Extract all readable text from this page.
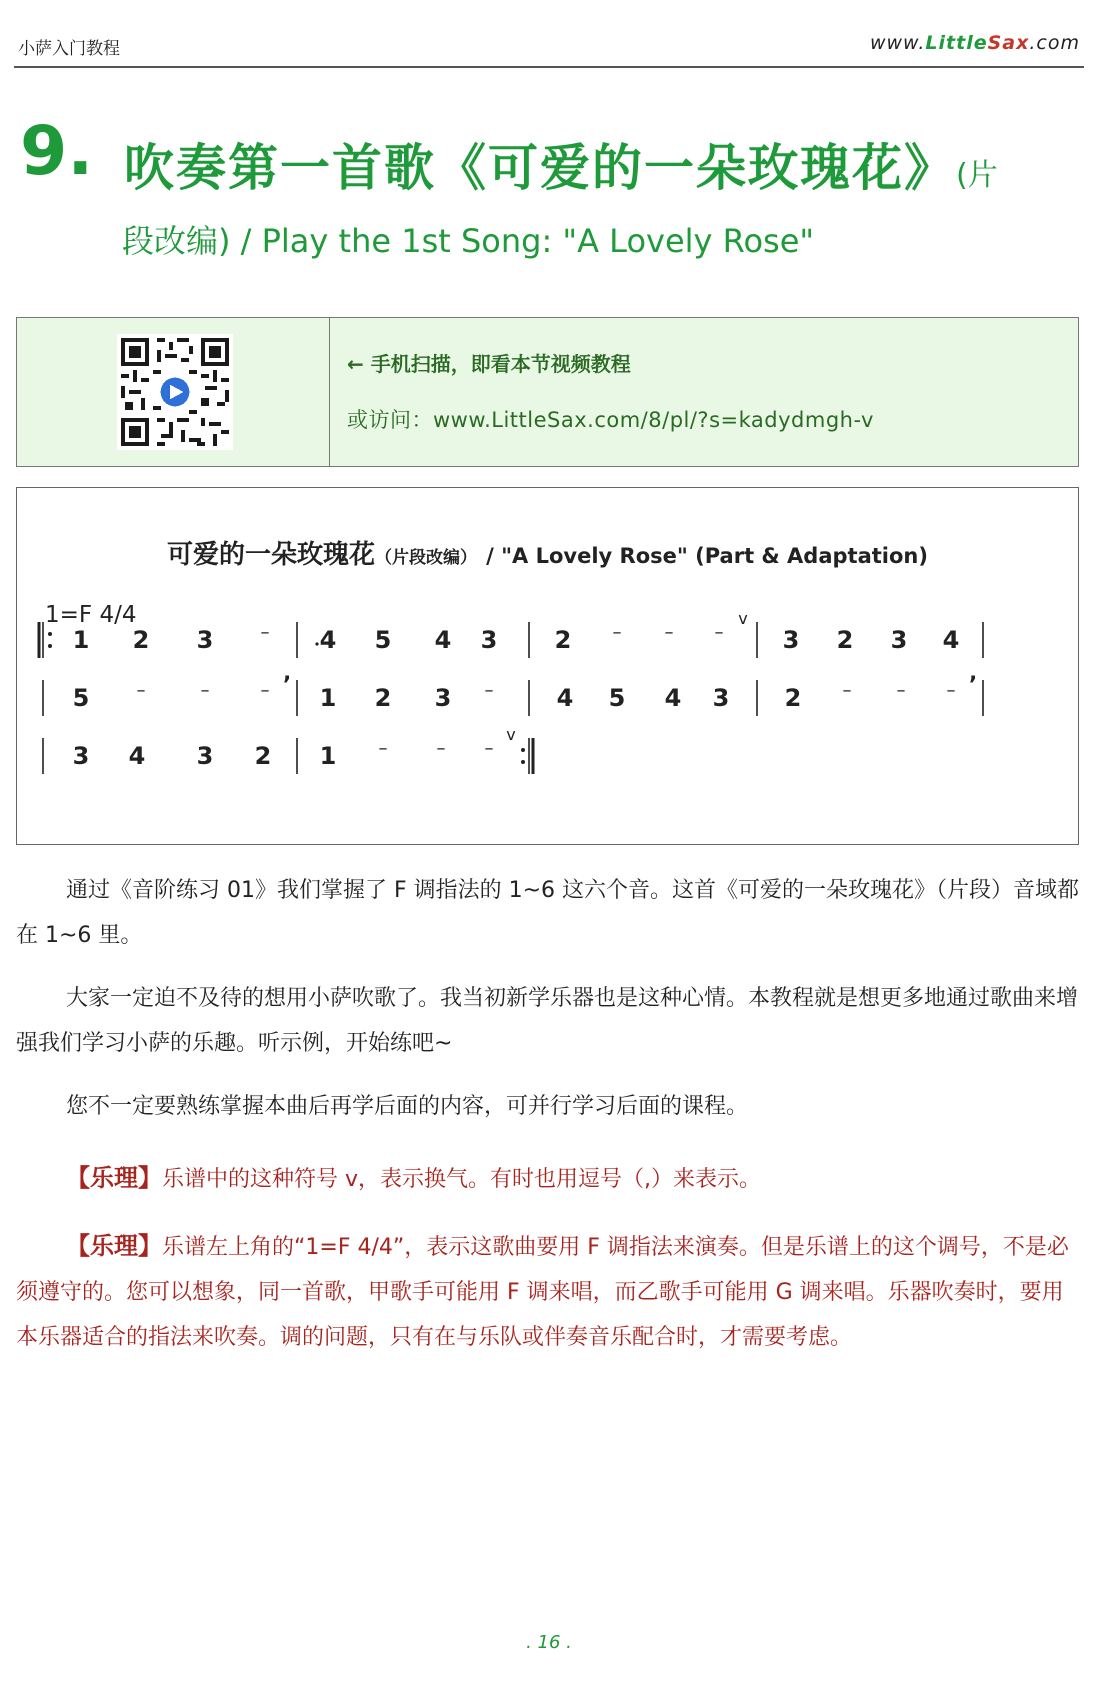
小萨入门教程	www.LittleSax.com
9. 吹奏第一首歌《可爱的一朵玫瑰花》(片
段改编) / Play the 1st Song: "A Lovely Rose"
← 手机扫描，即看本节视频教程
或访问：www.LittleSax.com/8/pl/?s=kadydmgh-v
可爱的一朵玫瑰花（片段改编） / "A Lovely Rose" (Part & Adaptation)
1=F 4/4
1 2 3	– 4 5 4 3 2 – – – 3 2 3 4
5	–	–	– 1 2 3 –	4 5 4 3 2 –	– –
3 4 3 2 1 –	– –
v
v
’	’

通过《音阶练习 01》我们掌握了 F 调指法的 1~6 这六个音。这首《可爱的一朵玫瑰花》（片段）音域都在 1~6 里。

大家一定迫不及待的想用小萨吹歌了。我当初新学乐器也是这种心情。本教程就是想更多地通过歌曲来增强我们学习小萨的乐趣。听示例，开始练吧~

您不一定要熟练掌握本曲后再学后面的内容，可并行学习后面的课程。

【乐理】乐谱中的这种符号 v，表示换气。有时也用逗号（,）来表示。

【乐理】乐谱左上角的“1=F 4/4”，表示这歌曲要用 F 调指法来演奏。但是乐谱上的这个调号，不是必须遵守的。您可以想象，同一首歌，甲歌手可能用 F 调来唱，而乙歌手可能用 G 调来唱。乐器吹奏时，要用本乐器适合的指法来吹奏。调的问题，只有在与乐队或伴奏音乐配合时，才需要考虑。

. 16 .
